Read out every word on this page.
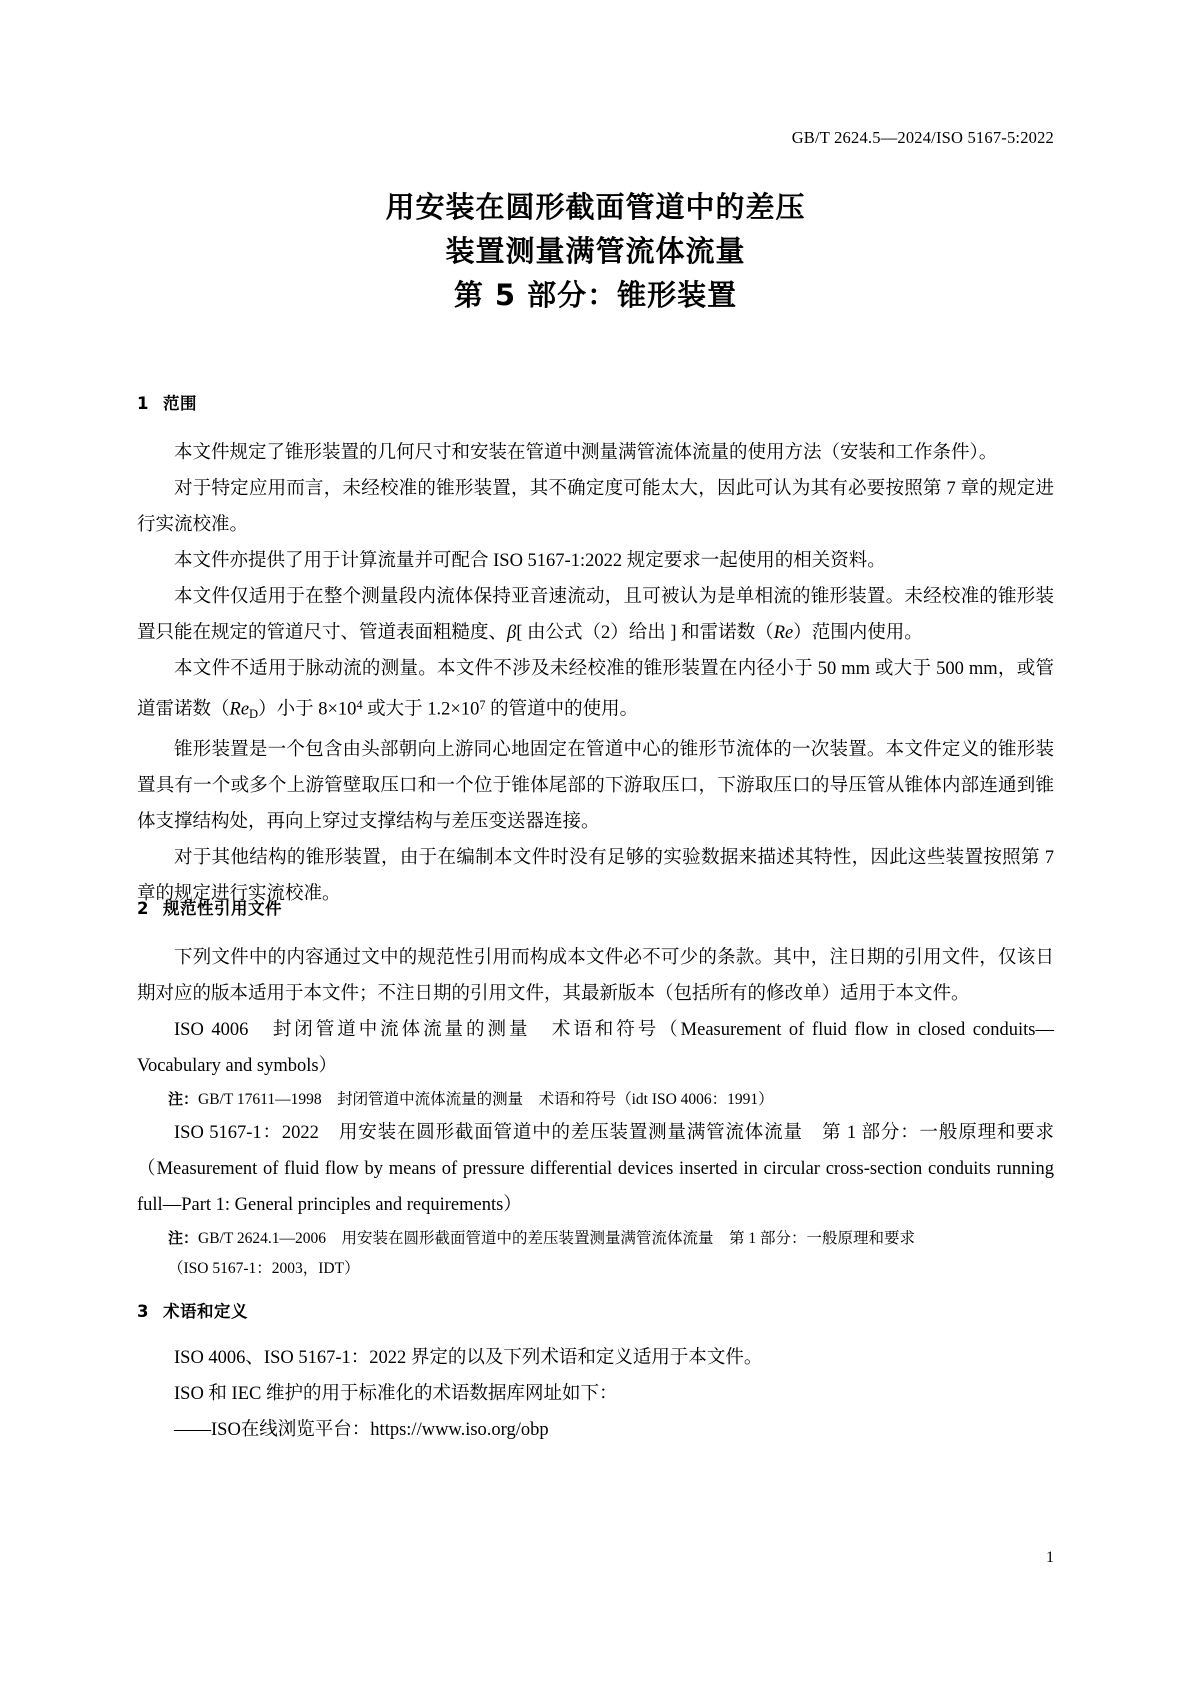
GB/T 2624.5—2024/ISO 5167-5:2022
用安装在圆形截面管道中的差压
装置测量满管流体流量
第 5 部分：锥形装置
1 范围

本文件规定了锥形装置的几何尺寸和安装在管道中测量满管流体流量的使用方法（安装和工作条件）。

对于特定应用而言，未经校准的锥形装置，其不确定度可能太大，因此可认为其有必要按照第 7 章的规定进行实流校准。

本文件亦提供了用于计算流量并可配合 ISO 5167-1:2022 规定要求一起使用的相关资料。

本文件仅适用于在整个测量段内流体保持亚音速流动，且可被认为是单相流的锥形装置。未经校准的锥形装置只能在规定的管道尺寸、管道表面粗糙度、β[ 由公式（2）给出 ] 和雷诺数（Re）范围内使用。

本文件不适用于脉动流的测量。本文件不涉及未经校准的锥形装置在内径小于 50 mm 或大于 500 mm，或管道雷诺数$(Re_D)$小于 $8\times 10^4$ 或大于 $1.2\times 10^7$ 的管道中的使用。

锥形装置是一个包含由头部朝向上游同心地固定在管道中心的锥形节流体的一次装置。本文件定义的锥形装置具有一个或多个上游管壁取压口和一个位于锥体尾部的下游取压口，下游取压口的导压管从锥体内部连通到锥体支撑结构处，再向上穿过支撑结构与差压变送器连接。

对于其他结构的锥形装置，由于在编制本文件时没有足够的实验数据来描述其特性，因此这些装置按照第 7 章的规定进行实流校准。

2 规范性引用文件

下列文件中的内容通过文中的规范性引用而构成本文件必不可少的条款。其中，注日期的引用文件，仅该日期对应的版本适用于本文件；不注日期的引用文件，其最新版本（包括所有的修改单）适用于本文件。

ISO 4006　封闭管道中流体流量的测量　术语和符号（Measurement of fluid flow in closed conduits—Vocabulary and symbols）

注：GB/T 17611—1998　封闭管道中流体流量的测量　术语和符号（idt ISO 4006：1991）

ISO 5167-1：2022　用安装在圆形截面管道中的差压装置测量满管流体流量　第 1 部分：一般原理和要求（Measurement of fluid flow by means of pressure differential devices inserted in circular cross-section conduits running full—Part 1: General principles and requirements）

注：GB/T 2624.1—2006　用安装在圆形截面管道中的差压装置测量满管流体流量　第 1 部分：一般原理和要求

（ISO 5167-1：2003，IDT）

3 术语和定义

ISO 4006、ISO 5167-1：2022 界定的以及下列术语和定义适用于本文件。

ISO 和 IEC 维护的用于标准化的术语数据库网址如下：

——ISO在线浏览平台：https://www.iso.org/obp

1
